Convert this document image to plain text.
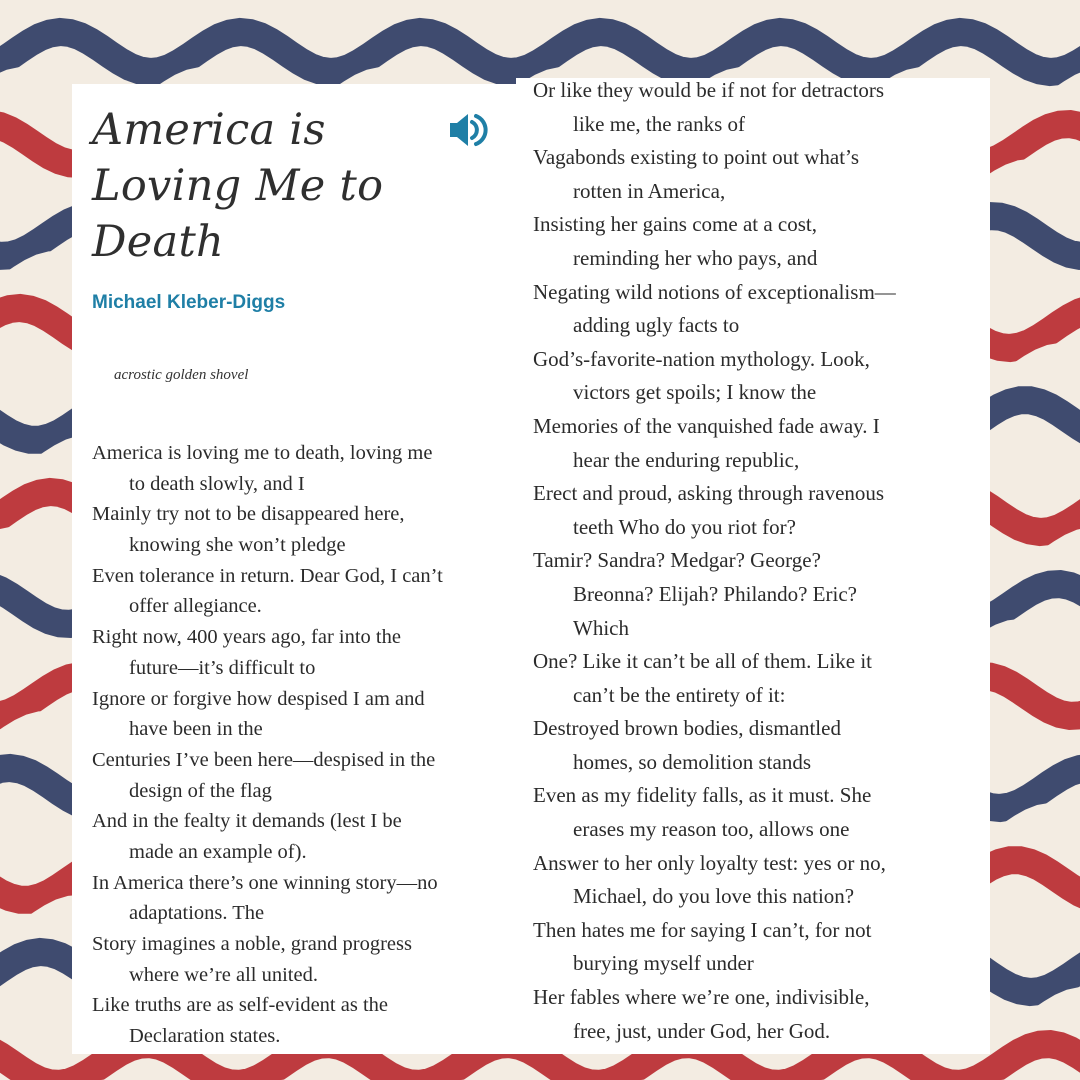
America is
Loving Me to
Death
Michael Kleber-Diggs
acrostic golden shovel
America is loving me to death, loving me
to death slowly, and I
Mainly try not to be disappeared here,
knowing she won’t pledge
Even tolerance in return. Dear God, I can’t
offer allegiance.
Right now, 400 years ago, far into the
future—it’s difficult to
Ignore or forgive how despised I am and
have been in the
Centuries I’ve been here—despised in the
design of the flag
And in the fealty it demands (lest I be
made an example of).
In America there’s one winning story—no
adaptations. The
Story imagines a noble, grand progress
where we’re all united.
Like truths are as self-evident as the
Declaration states.
Or like they would be if not for detractors
like me, the ranks of
Vagabonds existing to point out what’s
rotten in America,
Insisting her gains come at a cost,
reminding her who pays, and
Negating wild notions of exceptionalism—
adding ugly facts to
God’s-favorite-nation mythology. Look,
victors get spoils; I know the
Memories of the vanquished fade away. I
hear the enduring republic,
Erect and proud, asking through ravenous
teeth Who do you riot for?
Tamir? Sandra? Medgar? George?
Breonna? Elijah? Philando? Eric?
Which
One? Like it can’t be all of them. Like it
can’t be the entirety of it:
Destroyed brown bodies, dismantled
homes, so demolition stands
Even as my fidelity falls, as it must. She
erases my reason too, allows one
Answer to her only loyalty test: yes or no,
Michael, do you love this nation?
Then hates me for saying I can’t, for not
burying myself under
Her fables where we’re one, indivisible,
free, just, under God, her God.
